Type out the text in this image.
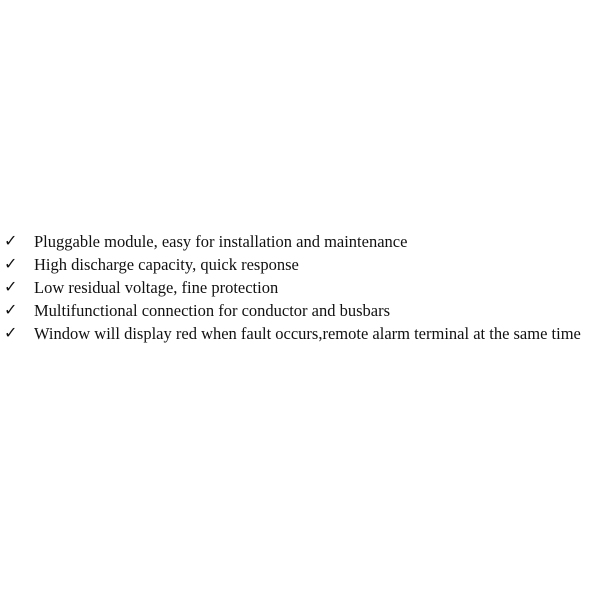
✓ Pluggable module, easy for installation and maintenance
✓ High discharge capacity, quick response
✓ Low residual voltage, fine protection
✓ Multifunctional connection for conductor and busbars
✓ Window will display red when fault occurs,remote alarm terminal at the same time
